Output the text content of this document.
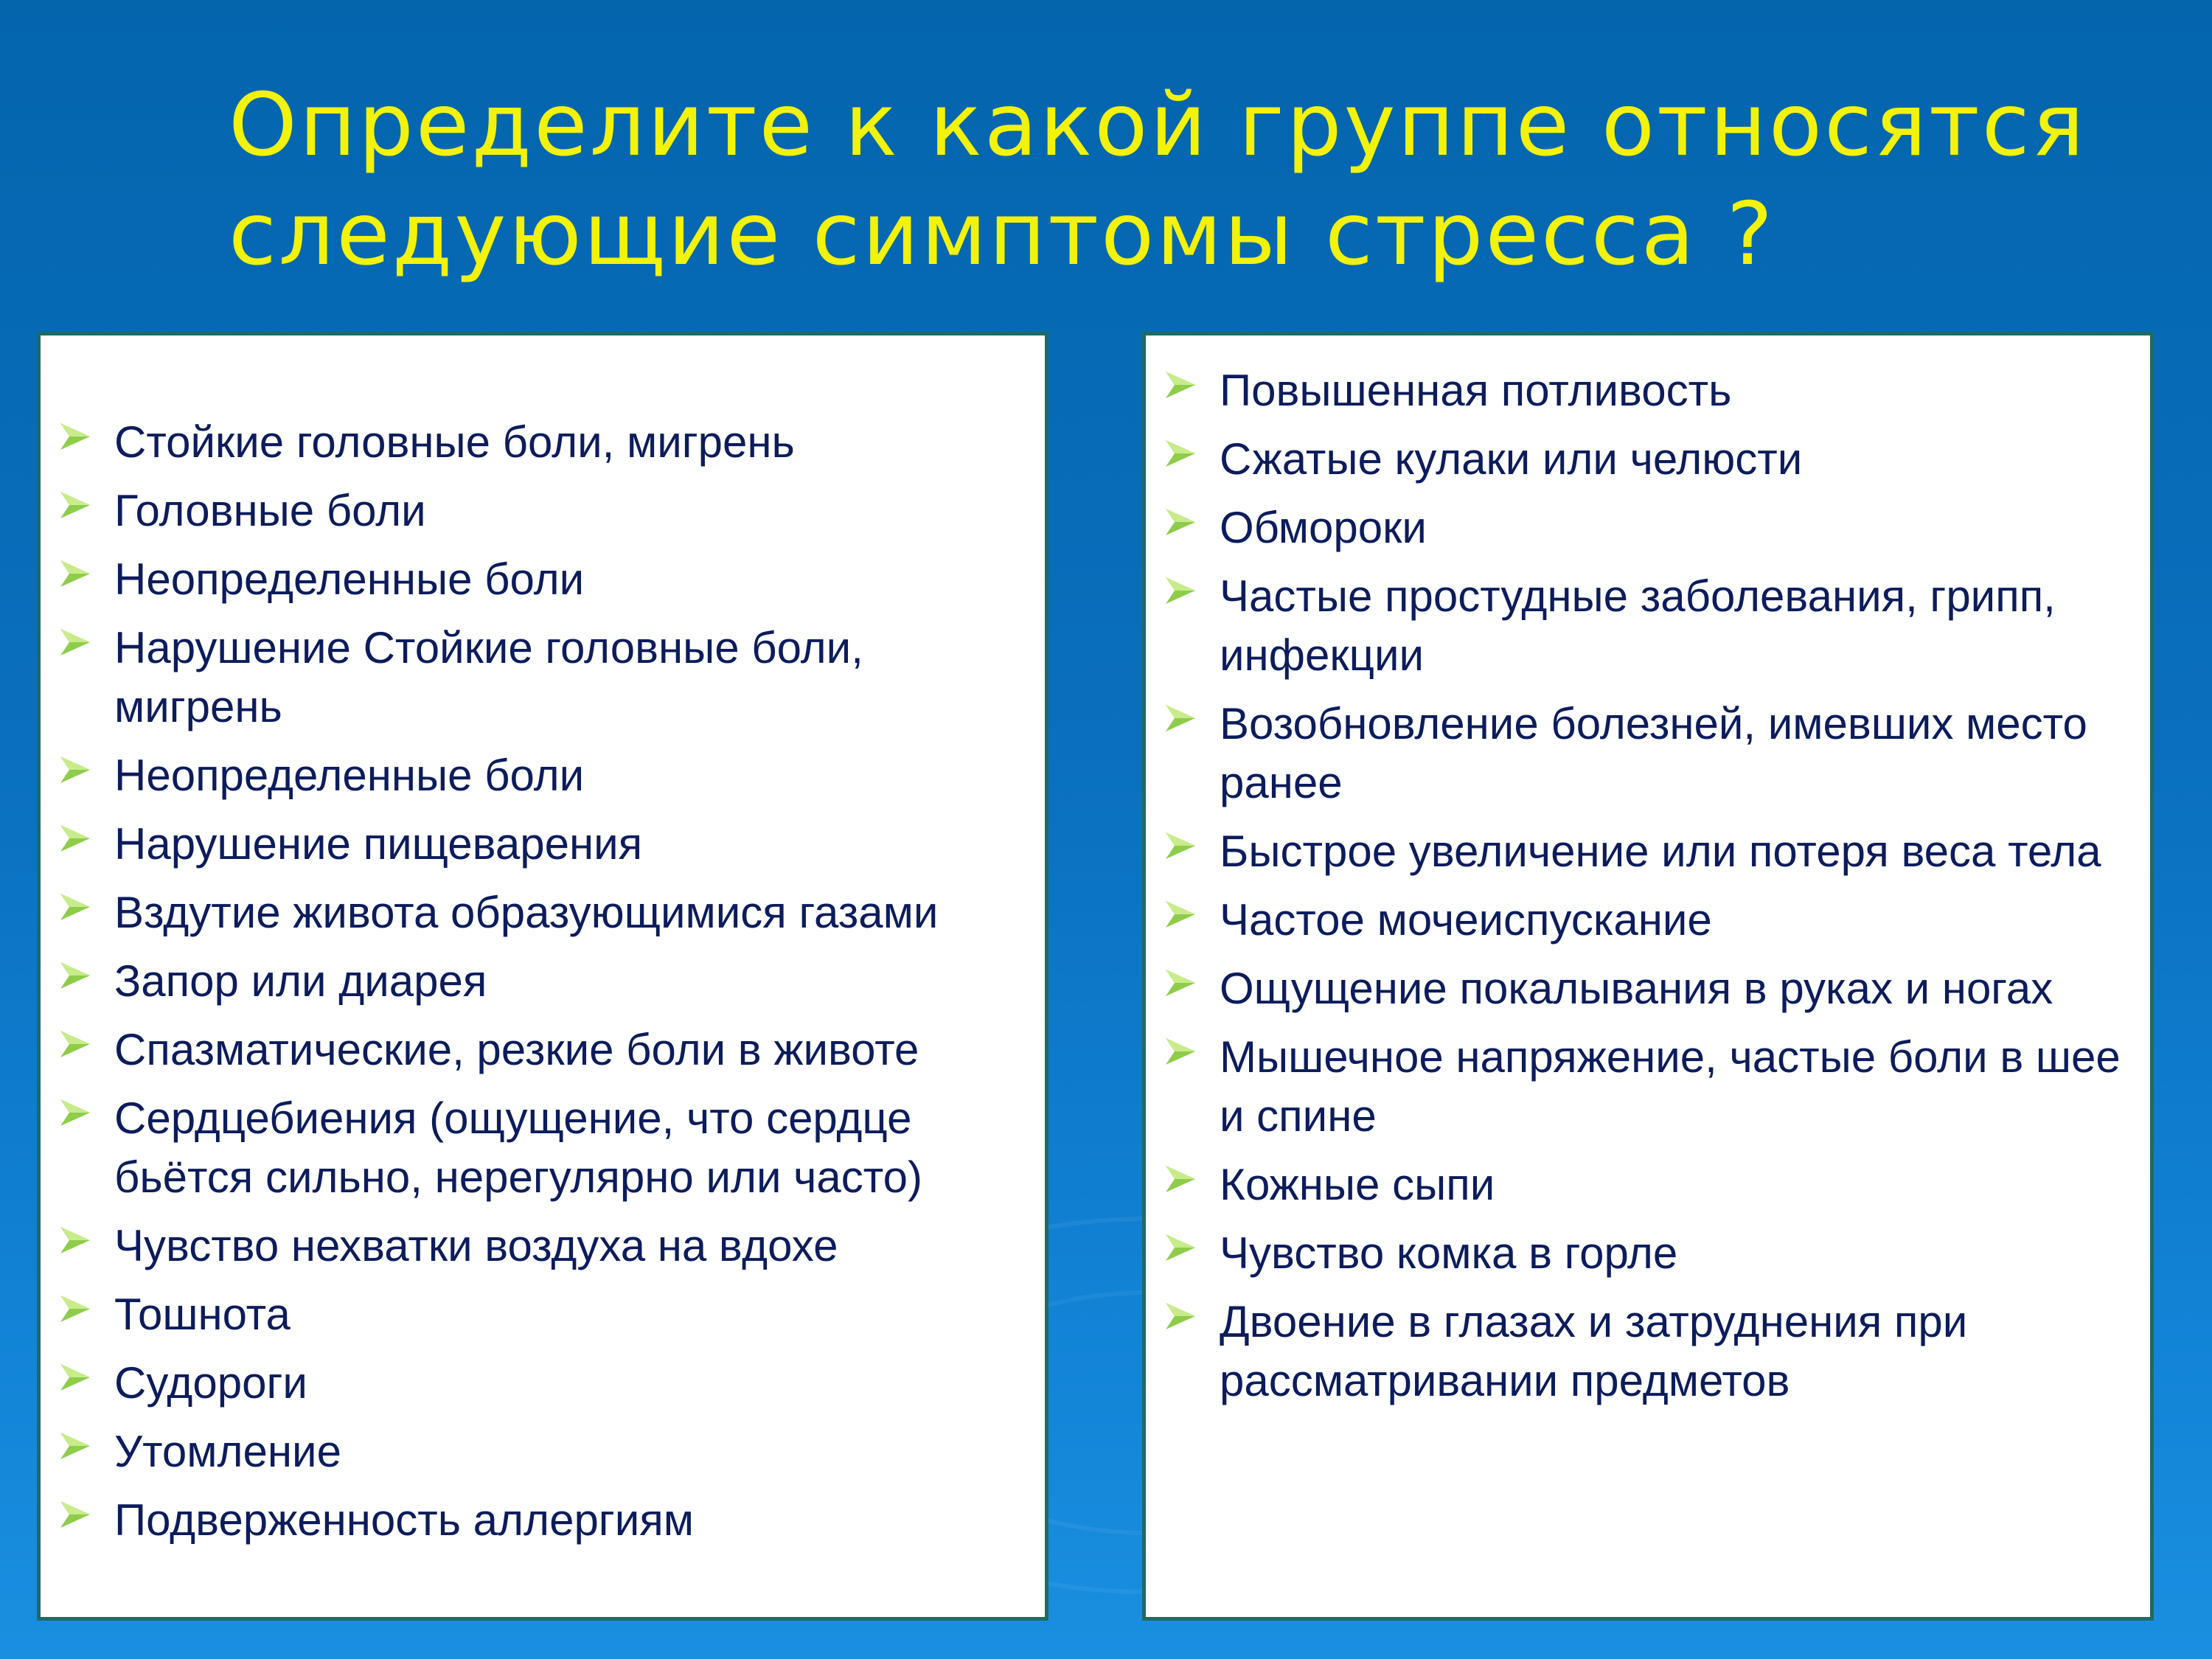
Определите к какой группе относятся
следующие симптомы стресса ?
Стойкие головные боли, мигрень
Головные боли
Неопределенные боли
Нарушение Стойкие головные боли, мигрень
Неопределенные боли
Нарушение пищеварения
Вздутие живота образующимися газами
Запор или диарея
Спазматические, резкие боли в животе
Сердцебиения (ощущение, что сердце бьётся сильно, нерегулярно или часто)
Чувство нехватки воздуха на вдохе
Тошнота
Судороги
Утомление
Подверженность аллергиям
Повышенная потливость
Сжатые кулаки или челюсти
Обмороки
Частые простудные заболевания, грипп, инфекции
Возобновление болезней, имевших место ранее
Быстрое увеличение или потеря веса тела
Частое мочеиспускание
Ощущение покалывания в руках и ногах
Мышечное напряжение, частые боли в шее и спине
Кожные сыпи
Чувство комка в горле
Двоение в глазах и затруднения при рассматривании предметов
